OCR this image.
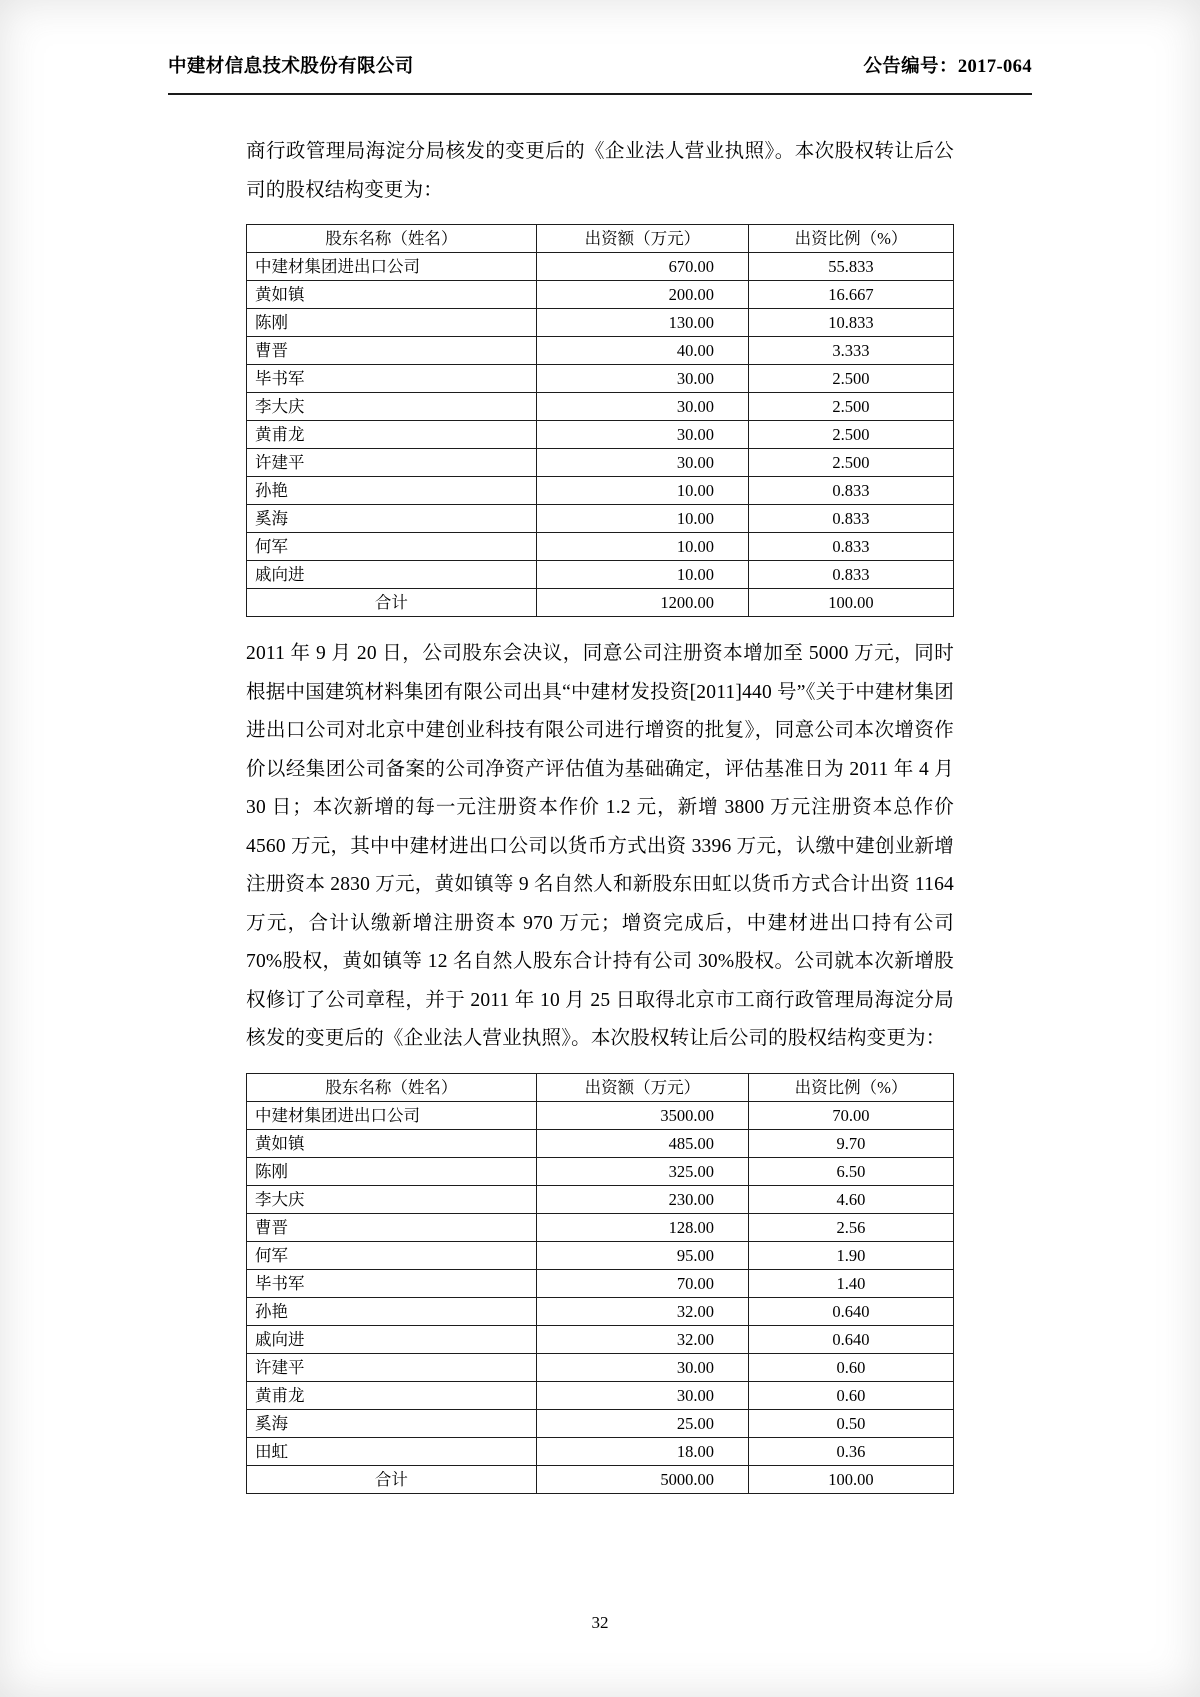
中建材信息技术股份有限公司	公告编号：2017-064

商行政管理局海淀分局核发的变更后的《企业法人营业执照》。本次股权转让后公司的股权结构变更为：

股东名称（姓名）	出资额（万元）	出资比例（%）
中建材集团进出口公司	670.00	55.833
黄如镇	200.00	16.667
陈刚	130.00	10.833
曹晋	40.00	3.333
毕书军	30.00	2.500
李大庆	30.00	2.500
黄甫龙	30.00	2.500
许建平	30.00	2.500
孙艳	10.00	0.833
奚海	10.00	0.833
何军	10.00	0.833
戚向进	10.00	0.833
合计	1200.00	100.00

2011 年 9 月 20 日，公司股东会决议，同意公司注册资本增加至 5000 万元，同时根据中国建筑材料集团有限公司出具“中建材发投资[2011]440 号”《关于中建材集团进出口公司对北京中建创业科技有限公司进行增资的批复》，同意公司本次增资作价以经集团公司备案的公司净资产评估值为基础确定，评估基准日为 2011 年 4 月 30 日；本次新增的每一元注册资本作价 1.2 元，新增 3800 万元注册资本总作价 4560 万元，其中中建材进出口公司以货币方式出资 3396 万元，认缴中建创业新增注册资本 2830 万元，黄如镇等 9 名自然人和新股东田虹以货币方式合计出资 1164 万元，合计认缴新增注册资本 970 万元；增资完成后，中建材进出口持有公司 70%股权，黄如镇等 12 名自然人股东合计持有公司 30%股权。公司就本次新增股权修订了公司章程，并于 2011 年 10 月 25 日取得北京市工商行政管理局海淀分局核发的变更后的《企业法人营业执照》。本次股权转让后公司的股权结构变更为：

股东名称（姓名）	出资额（万元）	出资比例（%）
中建材集团进出口公司	3500.00	70.00
黄如镇	485.00	9.70
陈刚	325.00	6.50
李大庆	230.00	4.60
曹晋	128.00	2.56
何军	95.00	1.90
毕书军	70.00	1.40
孙艳	32.00	0.640
戚向进	32.00	0.640
许建平	30.00	0.60
黄甫龙	30.00	0.60
奚海	25.00	0.50
田虹	18.00	0.36
合计	5000.00	100.00
32
